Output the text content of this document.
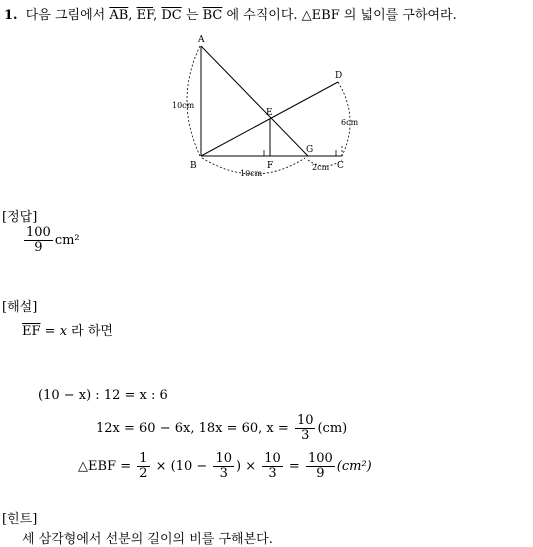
1. 다음 그림에서 $\overline{AB}$, $\overline{EF}$, $\overline{DC}$ 는 $\overline{BC}$ 에 수직이다. △EBF 의 넓이를 구하여라.
A
B	C
D
E
F
G
10cm
6cm
10cm
2cm
[정답]
$\frac{100}{9} cm^2$
[해설]
$\overline{EF} = x$ 라 하면
(10 − x) : 12 = x : 6
12x = 60 − 6x, 18x = 60, $x = \frac{10}{3} (cm)$
△EBF = $\frac{1}{2} \times (10 - \frac{10}{3}$ ) × $\frac{10}{3} = \frac{100}{9} (cm^2)$
[힌트]
세 삼각형에서 선분의 길이의 비를 구해본다.
